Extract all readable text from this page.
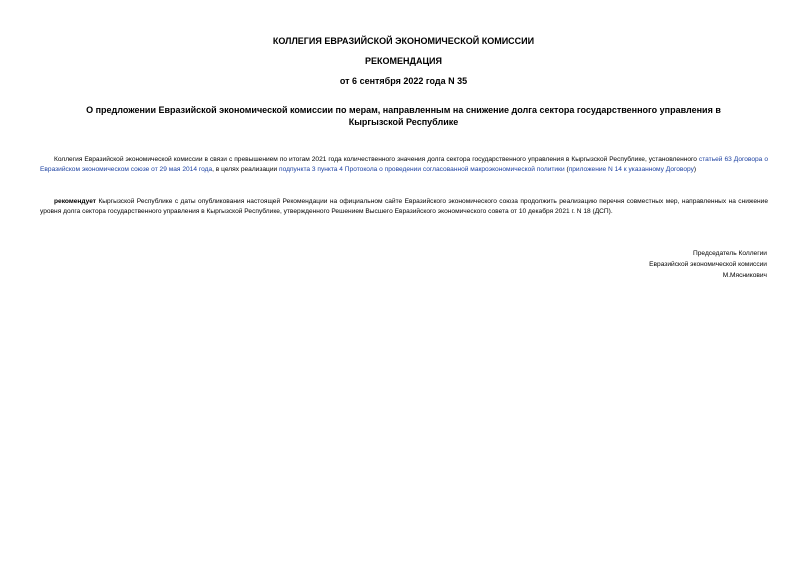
КОЛЛЕГИЯ ЕВРАЗИЙСКОЙ ЭКОНОМИЧЕСКОЙ КОМИССИИ
РЕКОМЕНДАЦИЯ
от 6 сентября 2022 года N 35
О предложении Евразийской экономической комиссии по мерам, направленным на снижение долга сектора государственного управления в Кыргызской Республике

Коллегия Евразийской экономической комиссии в связи с превышением по итогам 2021 года количественного значения долга сектора государственного управления в Кыргызской Республике, установленного статьей 63 Договора о Евразийском экономическом союзе от 29 мая 2014 года, в целях реализации подпункта 3 пункта 4 Протокола о проведении согласованной макроэкономической политики (приложение N 14 к указанному Договору)

рекомендует Кыргызской Республике с даты опубликования настоящей Рекомендации на официальном сайте Евразийского экономического союза продолжить реализацию перечня совместных мер, направленных на снижение уровня долга сектора государственного управления в Кыргызской Республике, утвержденного Решением Высшего Евразийского экономического совета от 10 декабря 2021 г. N 18 (ДСП).

Председатель Коллегии
Евразийской экономической комиссии
М.Мясникович
